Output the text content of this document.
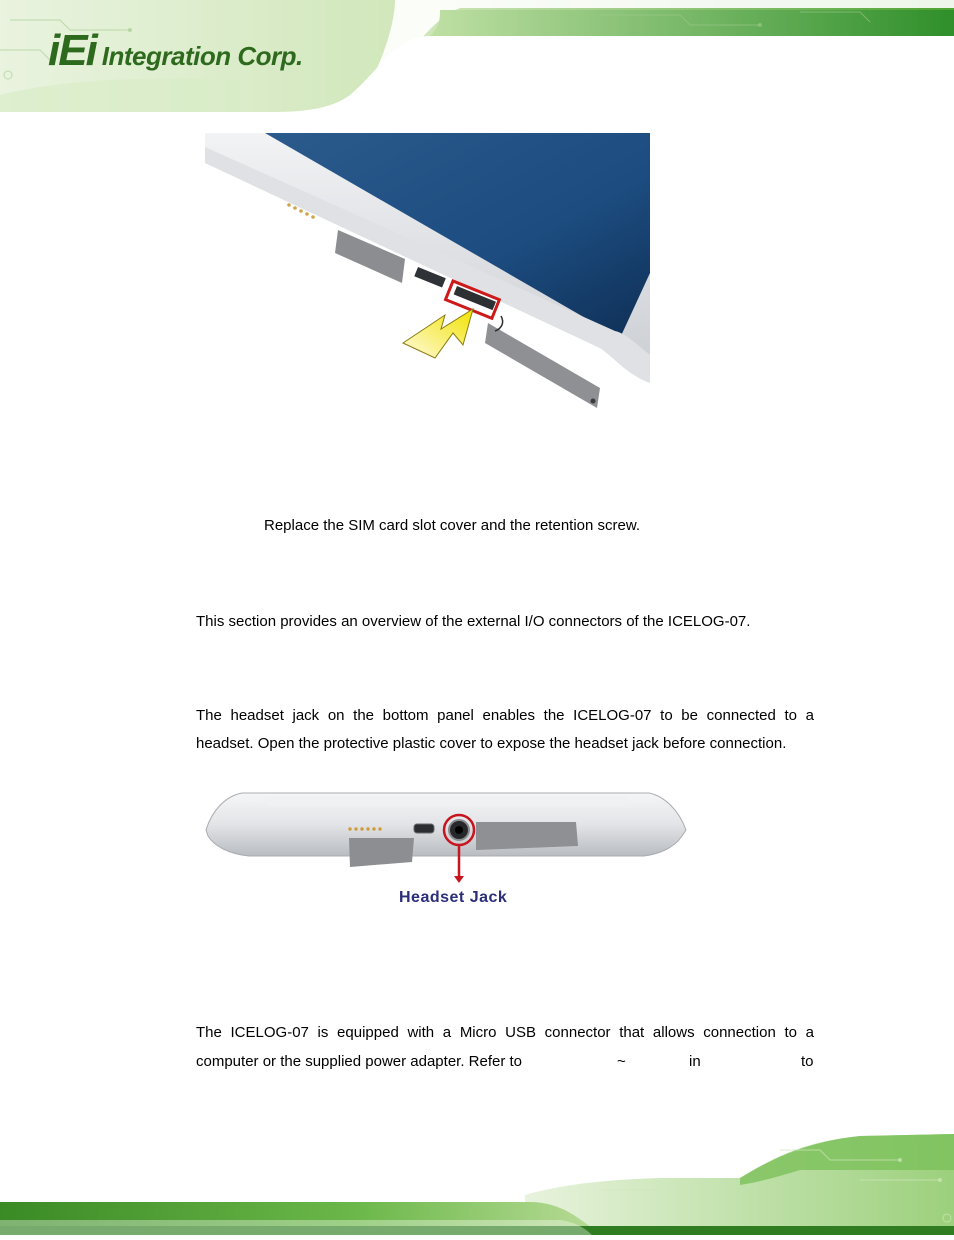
iEi Integration Corp.
Replace the SIM card slot cover and the retention screw.
This section provides an overview of the external I/O connectors of the ICELOG-07.
The headset jack on the bottom panel enables the ICELOG-07 to be connected to a
headset. Open the protective plastic cover to expose the headset jack before connection.
Headset Jack
The ICELOG-07 is equipped with a Micro USB connector that allows connection to a
computer or the supplied power adapter. Refer to	~	in	to
